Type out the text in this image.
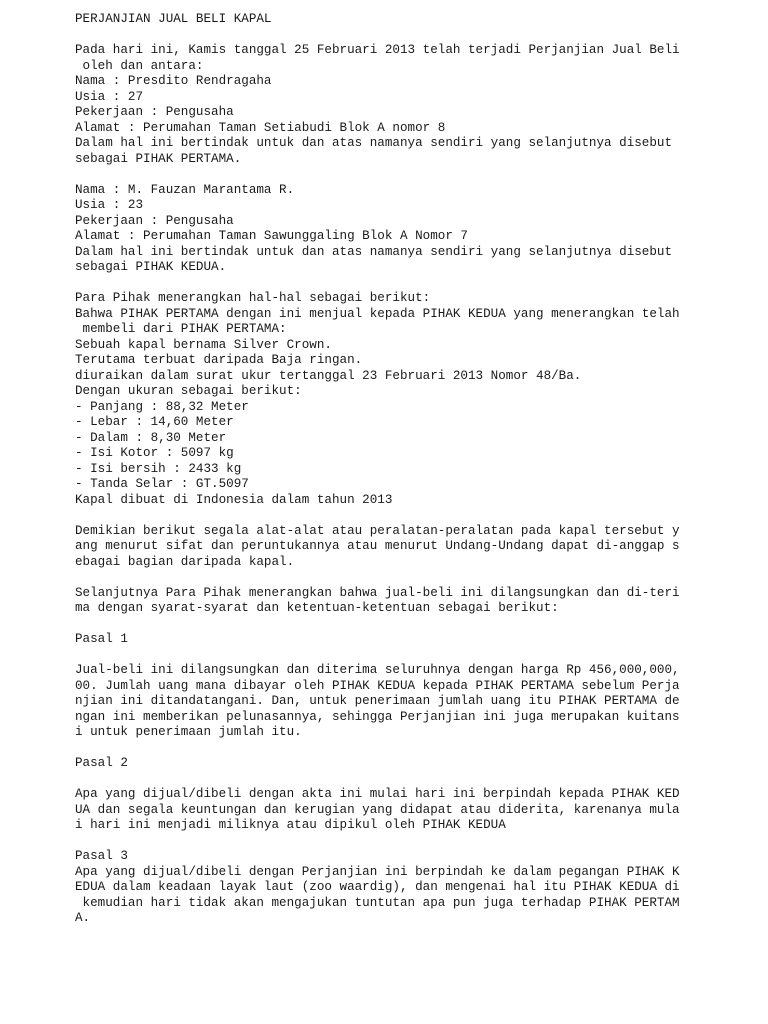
PERJANJIAN JUAL BELI KAPAL
Pada hari ini, Kamis tanggal 25 Februari 2013 telah terjadi Perjanjian Jual Beli
oleh dan antara:
Nama : Presdito Rendragaha
Usia : 27
Pekerjaan : Pengusaha
Alamat : Perumahan Taman Setiabudi Blok A nomor 8
Dalam hal ini bertindak untuk dan atas namanya sendiri yang selanjutnya disebut
sebagai PIHAK PERTAMA.
Nama : M. Fauzan Marantama R.
Usia : 23
Pekerjaan : Pengusaha
Alamat : Perumahan Taman Sawunggaling Blok A Nomor 7
Dalam hal ini bertindak untuk dan atas namanya sendiri yang selanjutnya disebut
sebagai PIHAK KEDUA.
Para Pihak menerangkan hal-hal sebagai berikut:
Bahwa PIHAK PERTAMA dengan ini menjual kepada PIHAK KEDUA yang menerangkan telah
membeli dari PIHAK PERTAMA:
Sebuah kapal bernama Silver Crown.
Terutama terbuat daripada Baja ringan.
diuraikan dalam surat ukur tertanggal 23 Februari 2013 Nomor 48/Ba.
Dengan ukuran sebagai berikut:
- Panjang : 88,32 Meter
- Lebar : 14,60 Meter
- Dalam : 8,30 Meter
- Isi Kotor : 5097 kg
- Isi bersih : 2433 kg
- Tanda Selar : GT.5097
Kapal dibuat di Indonesia dalam tahun 2013
Demikian berikut segala alat-alat atau peralatan-peralatan pada kapal tersebut y
ang menurut sifat dan peruntukannya atau menurut Undang-Undang dapat di-anggap s
ebagai bagian daripada kapal.
Selanjutnya Para Pihak menerangkan bahwa jual-beli ini dilangsungkan dan di-teri
ma dengan syarat-syarat dan ketentuan-ketentuan sebagai berikut:
Pasal 1
Jual-beli ini dilangsungkan dan diterima seluruhnya dengan harga Rp 456,000,000,
00. Jumlah uang mana dibayar oleh PIHAK KEDUA kepada PIHAK PERTAMA sebelum Perja
njian ini ditandatangani. Dan, untuk penerimaan jumlah uang itu PIHAK PERTAMA de
ngan ini memberikan pelunasannya, sehingga Perjanjian ini juga merupakan kuitans
i untuk penerimaan jumlah itu.
Pasal 2
Apa yang dijual/dibeli dengan akta ini mulai hari ini berpindah kepada PIHAK KED
UA dan segala keuntungan dan kerugian yang didapat atau diderita, karenanya mula
i hari ini menjadi miliknya atau dipikul oleh PIHAK KEDUA
Pasal 3
Apa yang dijual/dibeli dengan Perjanjian ini berpindah ke dalam pegangan PIHAK K
EDUA dalam keadaan layak laut (zoo waardig), dan mengenai hal itu PIHAK KEDUA di
kemudian hari tidak akan mengajukan tuntutan apa pun juga terhadap PIHAK PERTAM
A.
